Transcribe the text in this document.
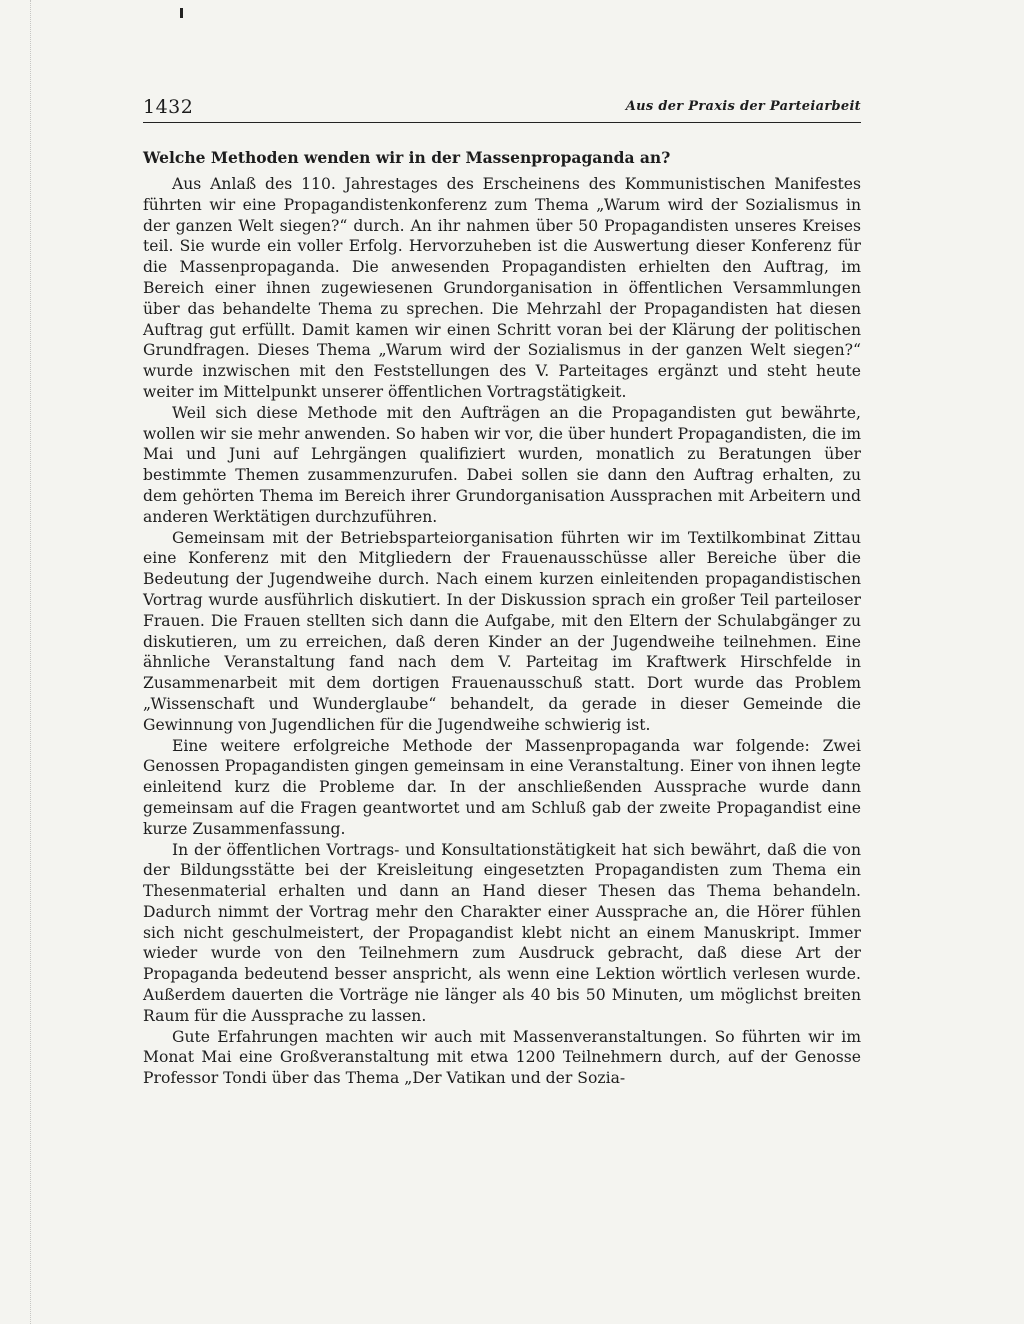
1432	Aus der Praxis der Parteiarbeit
Welche Methoden wenden wir in der Massenpropaganda an?

Aus Anlaß des 110. Jahrestages des Erscheinens des Kommunistischen Manifestes führten wir eine Propagandistenkonferenz zum Thema „Warum wird der Sozialismus in der ganzen Welt siegen?“ durch. An ihr nahmen über 50 Propagandisten unseres Kreises teil. Sie wurde ein voller Erfolg. Hervorzuheben ist die Auswertung dieser Konferenz für die Massenpropaganda. Die anwesenden Propagandisten erhielten den Auftrag, im Bereich einer ihnen zugewiesenen Grundorganisation in öffentlichen Versammlungen über das behandelte Thema zu sprechen. Die Mehrzahl der Propagandisten hat diesen Auftrag gut erfüllt. Damit kamen wir einen Schritt voran bei der Klärung der politischen Grundfragen. Dieses Thema „Warum wird der Sozialismus in der ganzen Welt siegen?“ wurde inzwischen mit den Feststellungen des V. Parteitages ergänzt und steht heute weiter im Mittelpunkt unserer öffentlichen Vortragstätigkeit.

Weil sich diese Methode mit den Aufträgen an die Propagandisten gut bewährte, wollen wir sie mehr anwenden. So haben wir vor, die über hundert Propagandisten, die im Mai und Juni auf Lehrgängen qualifiziert wurden, monatlich zu Beratungen über bestimmte Themen zusammenzurufen. Dabei sollen sie dann den Auftrag erhalten, zu dem gehörten Thema im Bereich ihrer Grundorganisation Aussprachen mit Arbeitern und anderen Werktätigen durchzuführen.

Gemeinsam mit der Betriebsparteiorganisation führten wir im Textilkombinat Zittau eine Konferenz mit den Mitgliedern der Frauenausschüsse aller Bereiche über die Bedeutung der Jugendweihe durch. Nach einem kurzen einleitenden propagandistischen Vortrag wurde ausführlich diskutiert. In der Diskussion sprach ein großer Teil parteiloser Frauen. Die Frauen stellten sich dann die Aufgabe, mit den Eltern der Schulabgänger zu diskutieren, um zu erreichen, daß deren Kinder an der Jugendweihe teilnehmen. Eine ähnliche Veranstaltung fand nach dem V. Parteitag im Kraftwerk Hirschfelde in Zusammenarbeit mit dem dortigen Frauenausschuß statt. Dort wurde das Problem „Wissenschaft und Wunderglaube“ behandelt, da gerade in dieser Gemeinde die Gewinnung von Jugendlichen für die Jugendweihe schwierig ist.

Eine weitere erfolgreiche Methode der Massenpropaganda war folgende: Zwei Genossen Propagandisten gingen gemeinsam in eine Veranstaltung. Einer von ihnen legte einleitend kurz die Probleme dar. In der anschließenden Aussprache wurde dann gemeinsam auf die Fragen geantwortet und am Schluß gab der zweite Propagandist eine kurze Zusammenfassung.

In der öffentlichen Vortrags- und Konsultationstätigkeit hat sich bewährt, daß die von der Bildungsstätte bei der Kreisleitung eingesetzten Propagandisten zum Thema ein Thesenmaterial erhalten und dann an Hand dieser Thesen das Thema behandeln. Dadurch nimmt der Vortrag mehr den Charakter einer Aussprache an, die Hörer fühlen sich nicht geschulmeistert, der Propagandist klebt nicht an einem Manuskript. Immer wieder wurde von den Teilnehmern zum Ausdruck gebracht, daß diese Art der Propaganda bedeutend besser anspricht, als wenn eine Lektion wörtlich verlesen wurde. Außerdem dauerten die Vorträge nie länger als 40 bis 50 Minuten, um möglichst breiten Raum für die Aussprache zu lassen.

Gute Erfahrungen machten wir auch mit Massenveranstaltungen. So führten wir im Monat Mai eine Großveranstaltung mit etwa 1200 Teilnehmern durch, auf der Genosse Professor Tondi über das Thema „Der Vatikan und der Sozia-
